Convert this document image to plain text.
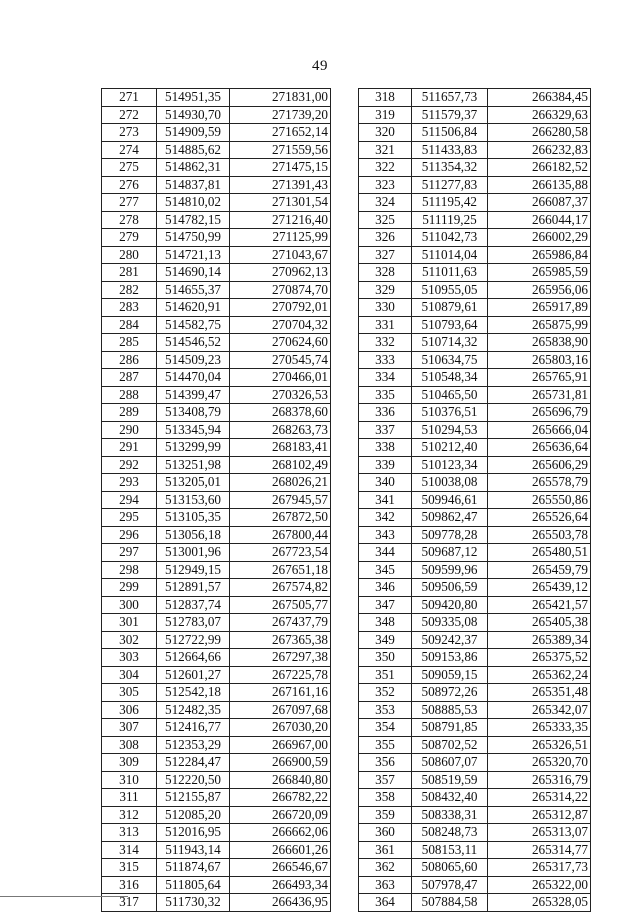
49
271	514951,35	271831,00
272	514930,70	271739,20
273	514909,59	271652,14
274	514885,62	271559,56
275	514862,31	271475,15
276	514837,81	271391,43
277	514810,02	271301,54
278	514782,15	271216,40
279	514750,99	271125,99
280	514721,13	271043,67
281	514690,14	270962,13
282	514655,37	270874,70
283	514620,91	270792,01
284	514582,75	270704,32
285	514546,52	270624,60
286	514509,23	270545,74
287	514470,04	270466,01
288	514399,47	270326,53
289	513408,79	268378,60
290	513345,94	268263,73
291	513299,99	268183,41
292	513251,98	268102,49
293	513205,01	268026,21
294	513153,60	267945,57
295	513105,35	267872,50
296	513056,18	267800,44
297	513001,96	267723,54
298	512949,15	267651,18
299	512891,57	267574,82
300	512837,74	267505,77
301	512783,07	267437,79
302	512722,99	267365,38
303	512664,66	267297,38
304	512601,27	267225,78
305	512542,18	267161,16
306	512482,35	267097,68
307	512416,77	267030,20
308	512353,29	266967,00
309	512284,47	266900,59
310	512220,50	266840,80
311	512155,87	266782,22
312	512085,20	266720,09
313	512016,95	266662,06
314	511943,14	266601,26
315	511874,67	266546,67
316	511805,64	266493,34
317	511730,32	266436,95
318	511657,73	266384,45
319	511579,37	266329,63
320	511506,84	266280,58
321	511433,83	266232,83
322	511354,32	266182,52
323	511277,83	266135,88
324	511195,42	266087,37
325	511119,25	266044,17
326	511042,73	266002,29
327	511014,04	265986,84
328	511011,63	265985,59
329	510955,05	265956,06
330	510879,61	265917,89
331	510793,64	265875,99
332	510714,32	265838,90
333	510634,75	265803,16
334	510548,34	265765,91
335	510465,50	265731,81
336	510376,51	265696,79
337	510294,53	265666,04
338	510212,40	265636,64
339	510123,34	265606,29
340	510038,08	265578,79
341	509946,61	265550,86
342	509862,47	265526,64
343	509778,28	265503,78
344	509687,12	265480,51
345	509599,96	265459,79
346	509506,59	265439,12
347	509420,80	265421,57
348	509335,08	265405,38
349	509242,37	265389,34
350	509153,86	265375,52
351	509059,15	265362,24
352	508972,26	265351,48
353	508885,53	265342,07
354	508791,85	265333,35
355	508702,52	265326,51
356	508607,07	265320,70
357	508519,59	265316,79
358	508432,40	265314,22
359	508338,31	265312,87
360	508248,73	265313,07
361	508153,11	265314,77
362	508065,60	265317,73
363	507978,47	265322,00
364	507884,58	265328,05
